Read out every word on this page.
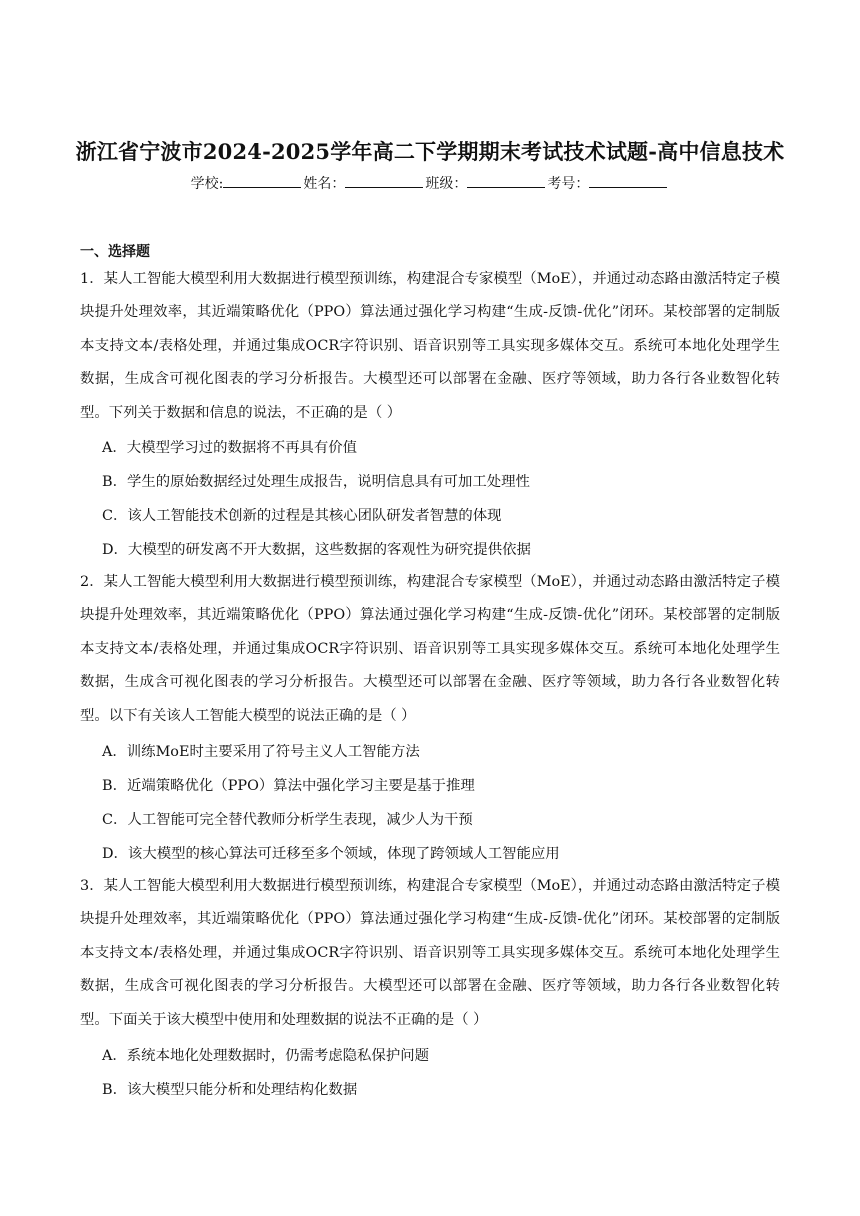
浙江省宁波市2024-2025学年高二下学期期末考试技术试题-高中信息技术
学校:	姓名：	班级：	考号：
一、选择题
1．某人工智能大模型利用大数据进行模型预训练，构建混合专家模型（MoE），并通过动态路由激活特定子模块提升处理效率，其近端策略优化（PPO）算法通过强化学习构建“生成-反馈-优化”闭环。某校部署的定制版本支持文本/表格处理，并通过集成OCR字符识别、语音识别等工具实现多媒体交互。系统可本地化处理学生数据，生成含可视化图表的学习分析报告。大模型还可以部署在金融、医疗等领域，助力各行各业数智化转型。下列关于数据和信息的说法，不正确的是（ ）
A．大模型学习过的数据将不再具有价值
B．学生的原始数据经过处理生成报告，说明信息具有可加工处理性
C．该人工智能技术创新的过程是其核心团队研发者智慧的体现
D．大模型的研发离不开大数据，这些数据的客观性为研究提供依据
2．某人工智能大模型利用大数据进行模型预训练，构建混合专家模型（MoE），并通过动态路由激活特定子模块提升处理效率，其近端策略优化（PPO）算法通过强化学习构建“生成-反馈-优化”闭环。某校部署的定制版本支持文本/表格处理，并通过集成OCR字符识别、语音识别等工具实现多媒体交互。系统可本地化处理学生数据，生成含可视化图表的学习分析报告。大模型还可以部署在金融、医疗等领域，助力各行各业数智化转型。以下有关该人工智能大模型的说法正确的是（ ）
A．训练MoE时主要采用了符号主义人工智能方法
B．近端策略优化（PPO）算法中强化学习主要是基于推理
C．人工智能可完全替代教师分析学生表现，减少人为干预
D．该大模型的核心算法可迁移至多个领域，体现了跨领域人工智能应用
3．某人工智能大模型利用大数据进行模型预训练，构建混合专家模型（MoE），并通过动态路由激活特定子模块提升处理效率，其近端策略优化（PPO）算法通过强化学习构建“生成-反馈-优化”闭环。某校部署的定制版本支持文本/表格处理，并通过集成OCR字符识别、语音识别等工具实现多媒体交互。系统可本地化处理学生数据，生成含可视化图表的学习分析报告。大模型还可以部署在金融、医疗等领域，助力各行各业数智化转型。下面关于该大模型中使用和处理数据的说法不正确的是（ ）
A．系统本地化处理数据时，仍需考虑隐私保护问题
B．该大模型只能分析和处理结构化数据
